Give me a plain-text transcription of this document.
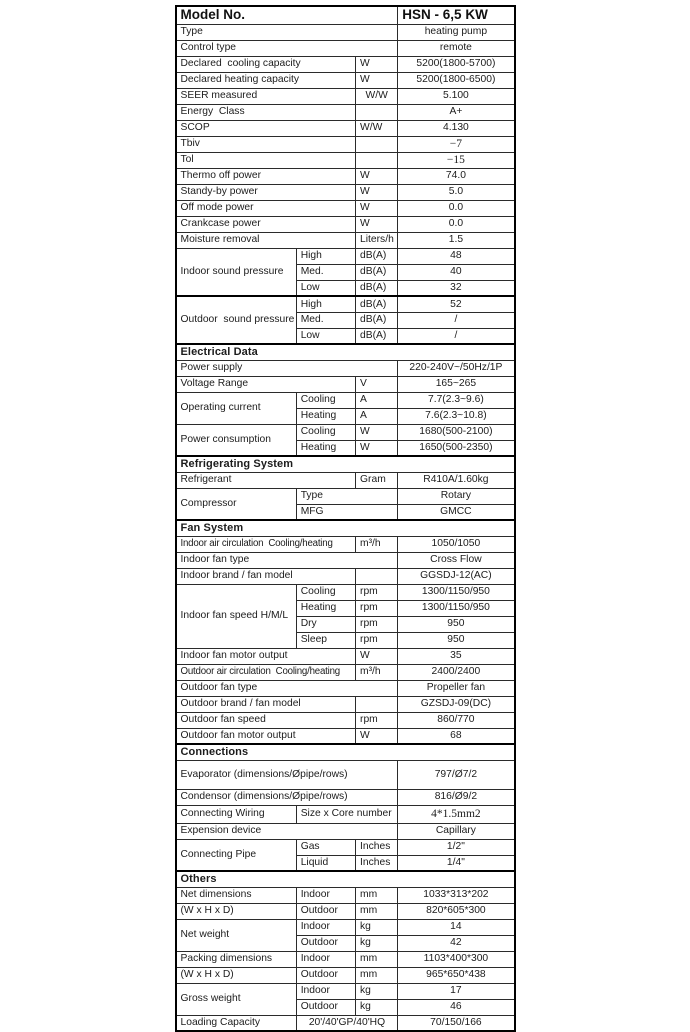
Model No.			HSN - 6,5 KW
Type			heating pump
Control type			remote
Declared  cooling capacity		W	5200(1800-5700)
Declared heating capacity		W	5200(1800-6500)
SEER measured		W/W	5.100
Energy  Class			A+
SCOP		W/W	4.130
Tbiv			−7
Tol			−15
Thermo off power		W	74.0
Standy-by power		W	5.0
Off mode power		W	0.0
Crankcase power		W	0.0
Moisture removal		Liters/h	1.5
Indoor sound pressure	High	dB(A)	48
	Med.	dB(A)	40
	Low	dB(A)	32
Outdoor  sound pressure	High	dB(A)	52
	Med.	dB(A)	/
	Low	dB(A)	/
Electrical Data			
Power supply			220-240V~/50Hz/1P
Voltage Range		V	165~265
Operating current	Cooling	A	7.7(2.3~9.6)
	Heating	A	7.6(2.3~10.8)
Power consumption	Cooling	W	1680(500-2100)
	Heating	W	1650(500-2350)
Refrigerating System			
Refrigerant		Gram	R410A/1.60kg
Compressor	Type		Rotary
	MFG		GMCC
Fan System			
Indoor air circulation  Cooling/heating		m³/h	1050/1050
Indoor fan type			Cross Flow
Indoor brand / fan model			GGSDJ-12(AC)
Indoor fan speed H/M/L	Cooling	rpm	1300/1150/950
	Heating	rpm	1300/1150/950
	Dry	rpm	950
	Sleep	rpm	950
Indoor fan motor output		W	35
Outdoor air circulation  Cooling/heating		m³/h	2400/2400
Outdoor fan type			Propeller fan
Outdoor brand / fan model			GZSDJ-09(DC)
Outdoor fan speed		rpm	860/770
Outdoor fan motor output		W	68
Connections			
Evaporator (dimensions/Øpipe/rows)			797/Ø7/2
Condensor (dimensions/Øpipe/rows)			816/Ø9/2
Connecting Wiring	Size x Core number		4*1.5mm2
Expension device			Capillary
Connecting Pipe	Gas	Inches	1/2"
	Liquid	Inches	1/4"
Others			
Net dimensions	Indoor	mm	1033*313*202
(W x H x D)	Outdoor	mm	820*605*300
Net weight	Indoor	kg	14
	Outdoor	kg	42
Packing dimensions	Indoor	mm	1103*400*300
(W x H x D)	Outdoor	mm	965*650*438
Gross weight	Indoor	kg	17
	Outdoor	kg	46
Loading Capacity	20'/40'GP/40'HQ		70/150/166
